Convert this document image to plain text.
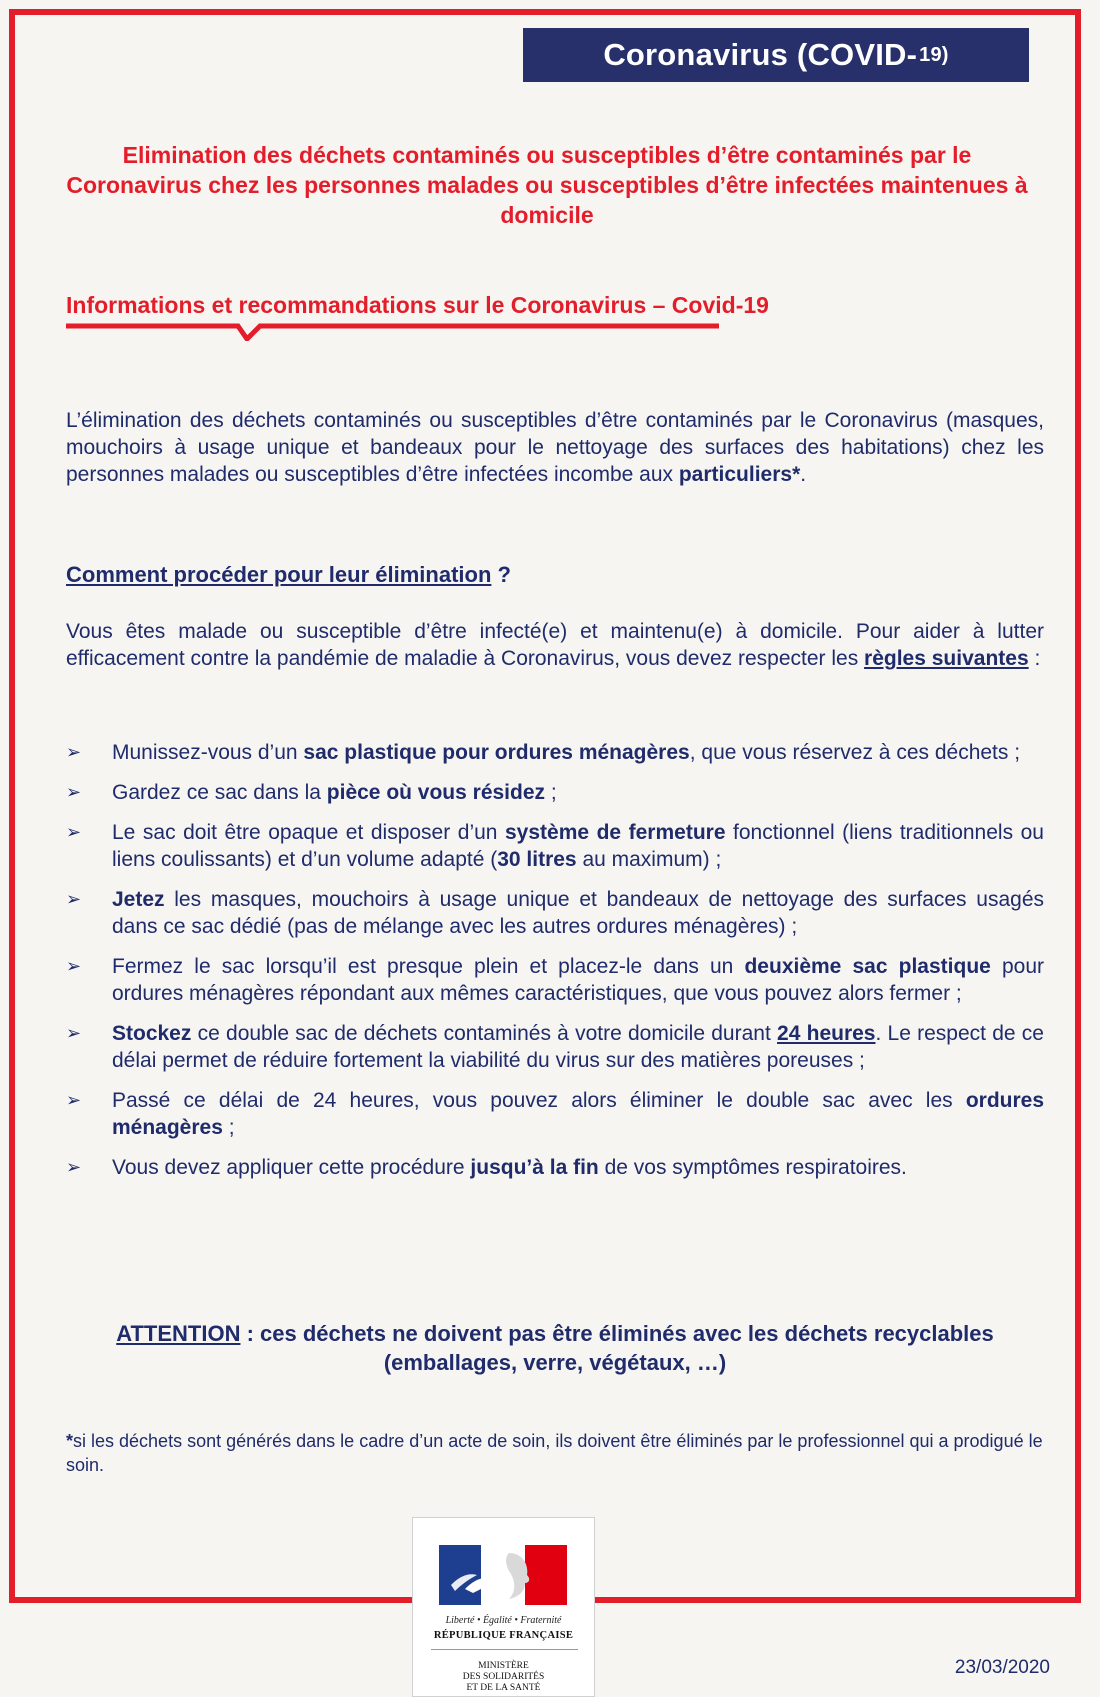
Coronavirus (COVID- 19)
Elimination des déchets contaminés ou susceptibles d’être contaminés par le Coronavirus chez les personnes malades ou susceptibles d’être infectées maintenues à domicile
Informations et recommandations sur le Coronavirus – Covid-19
L’élimination des déchets contaminés ou susceptibles d’être contaminés par le Coronavirus (masques, mouchoirs à usage unique et bandeaux pour le nettoyage des surfaces des habitations) chez les personnes malades ou susceptibles d’être infectées incombe aux particuliers*.
Comment procéder pour leur élimination ?
Vous êtes malade ou susceptible d’être infecté(e) et maintenu(e) à domicile. Pour aider à lutter efficacement contre la pandémie de maladie à Coronavirus, vous devez respecter les règles suivantes :
➢ Munissez-vous d’un sac plastique pour ordures ménagères, que vous réservez à ces déchets ;
➢ Gardez ce sac dans la pièce où vous résidez ;
➢ Le sac doit être opaque et disposer d’un système de fermeture fonctionnel (liens traditionnels ou liens coulissants) et d’un volume adapté (30 litres au maximum) ;
➢ Jetez les masques, mouchoirs à usage unique et bandeaux de nettoyage des surfaces usagés dans ce sac dédié (pas de mélange avec les autres ordures ménagères) ;
➢ Fermez le sac lorsqu’il est presque plein et placez-le dans un deuxième sac plastique pour ordures ménagères répondant aux mêmes caractéristiques, que vous pouvez alors fermer ;
➢ Stockez ce double sac de déchets contaminés à votre domicile durant 24 heures. Le respect de ce délai permet de réduire fortement la viabilité du virus sur des matières poreuses ;
➢ Passé ce délai de 24 heures, vous pouvez alors éliminer le double sac avec les ordures ménagères ;
➢ Vous devez appliquer cette procédure jusqu’à la fin de vos symptômes respiratoires.
ATTENTION : ces déchets ne doivent pas être éliminés avec les déchets recyclables
(emballages, verre, végétaux, …)
*si les déchets sont générés dans le cadre d’un acte de soin, ils doivent être éliminés par le professionnel qui a prodigué le soin.
Liberté • Égalité • Fraternité
RÉPUBLIQUE FRANÇAISE
MINISTÈRE
DES SOLIDARITÉS
ET DE LA SANTÉ
23/03/2020
